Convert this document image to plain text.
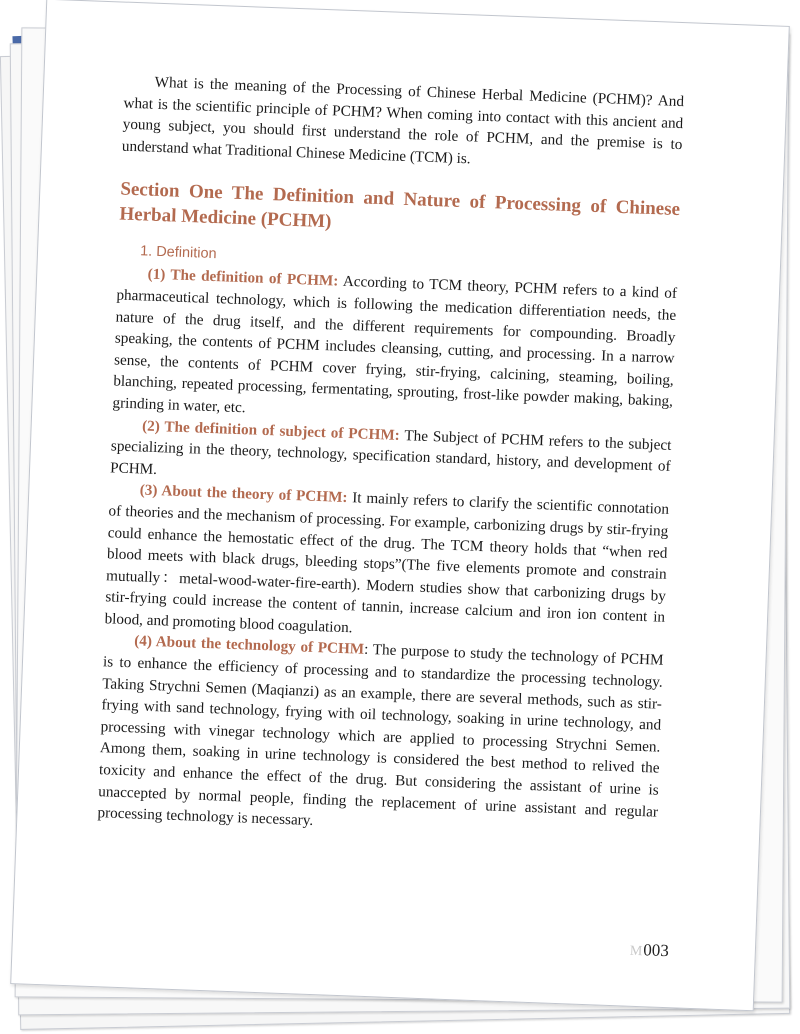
What is the meaning of the Processing of Chinese Herbal Medicine (PCHM)? And what is the scientific principle of PCHM? When coming into contact with this ancient and young subject, you should first understand the role of PCHM, and the premise is to understand what Traditional Chinese Medicine (TCM) is.

Section One The Definition and Nature of Processing of Chinese Herbal Medicine (PCHM)
1. Definition

(1) The definition of PCHM: According to TCM theory, PCHM refers to a kind of pharmaceutical technology, which is following the medication differentiation needs, the nature of the drug itself, and the different requirements for compounding. Broadly speaking, the contents of PCHM includes cleansing, cutting, and processing. In a narrow sense, the contents of PCHM cover frying, stir-frying, calcining, steaming, boiling, blanching, repeated processing, fermentating, sprouting, frost-like powder making, baking, grinding in water, etc.

(2) The definition of subject of PCHM: The Subject of PCHM refers to the subject specializing in the theory, technology, specification standard, history, and development of PCHM.

(3) About the theory of PCHM: It mainly refers to clarify the scientific connotation of theories and the mechanism of processing. For example, carbonizing drugs by stir-frying could enhance the hemostatic effect of the drug. The TCM theory holds that “when red blood meets with black drugs, bleeding stops”(The five elements promote and constrain mutually：metal-wood-water-fire-earth). Modern studies show that carbonizing drugs by stir-frying could increase the content of tannin, increase calcium and iron ion content in blood, and promoting blood coagulation.

(4) About the technology of PCHM: The purpose to study the technology of PCHM is to enhance the efficiency of processing and to standardize the processing technology. Taking Strychni Semen (Maqianzi) as an example, there are several methods, such as stir-frying with sand technology, frying with oil technology, soaking in urine technology, and processing with vinegar technology which are applied to processing Strychni Semen. Among them, soaking in urine technology is considered the best method to relived the toxicity and enhance the effect of the drug. But considering the assistant of urine is unaccepted by normal people, finding the replacement of urine assistant and regular processing technology is necessary.

M003
